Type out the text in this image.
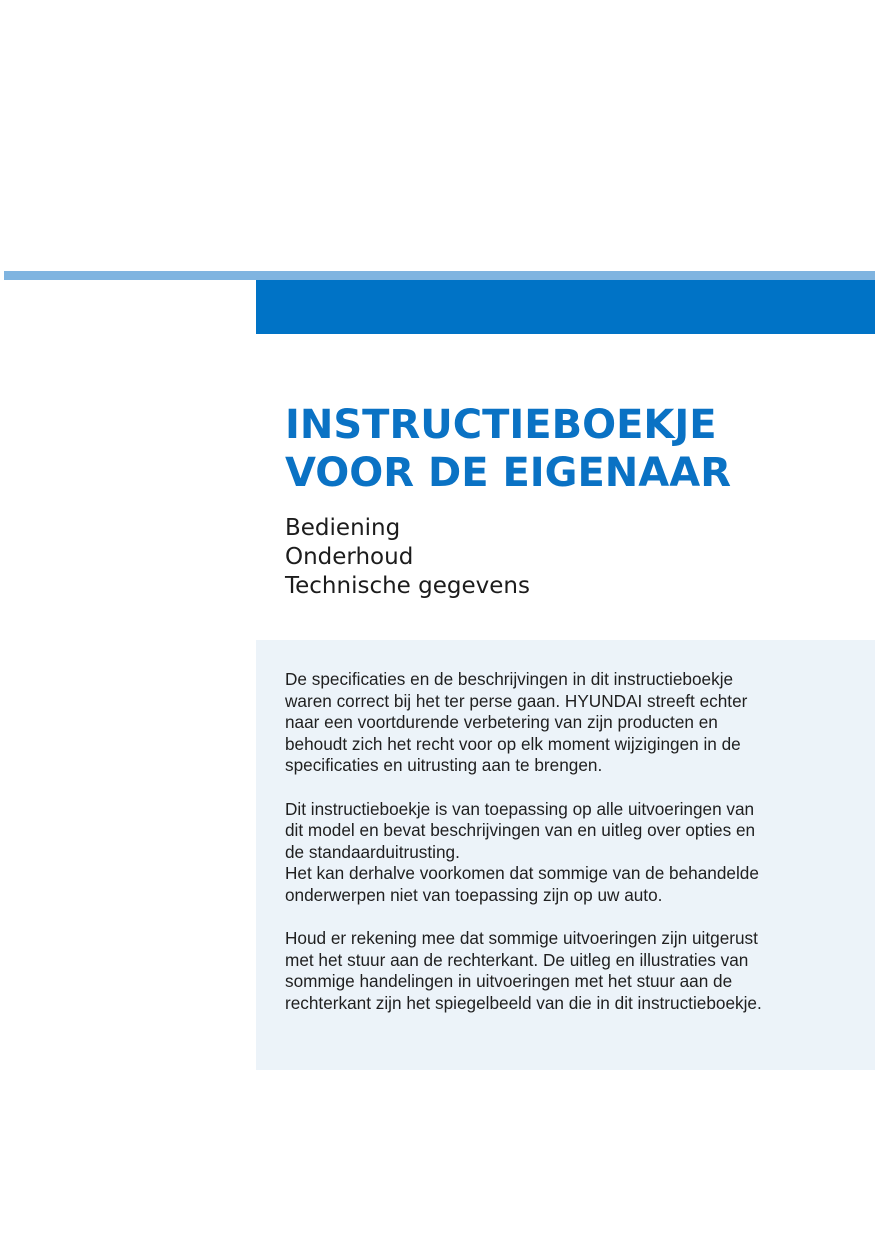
INSTRUCTIEBOEKJE
VOOR DE EIGENAAR
Bediening
Onderhoud
Technische gegevens
De specificaties en de beschrijvingen in dit instructieboekje
waren correct bij het ter perse gaan. HYUNDAI streeft echter
naar een voortdurende verbetering van zijn producten en
behoudt zich het recht voor op elk moment wijzigingen in de
specificaties en uitrusting aan te brengen.
Dit instructieboekje is van toepassing op alle uitvoeringen van
dit model en bevat beschrijvingen van en uitleg over opties en
de standaarduitrusting.
Het kan derhalve voorkomen dat sommige van de behandelde
onderwerpen niet van toepassing zijn op uw auto.
Houd er rekening mee dat sommige uitvoeringen zijn uitgerust
met het stuur aan de rechterkant. De uitleg en illustraties van
sommige handelingen in uitvoeringen met het stuur aan de
rechterkant zijn het spiegelbeeld van die in dit instructieboekje.
